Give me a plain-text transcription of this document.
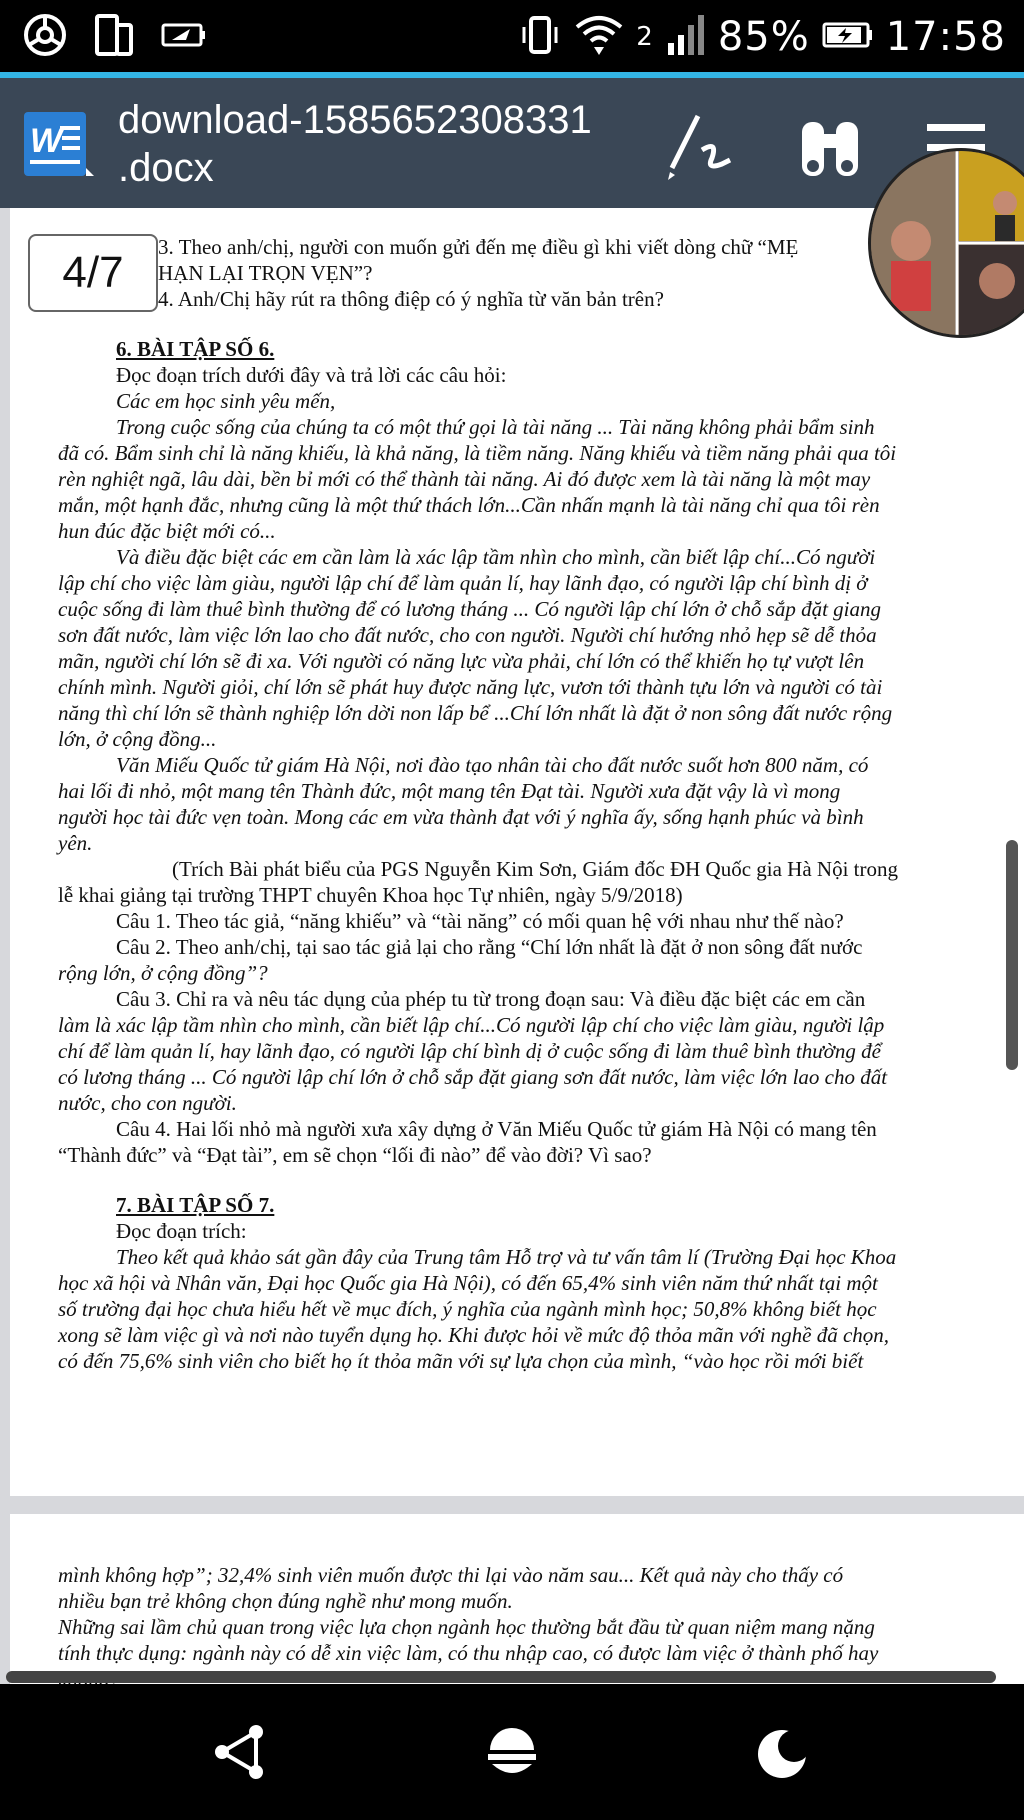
2 85% 17:58
W download-1585652308331
.docx
3. Theo anh/chị, người con muốn gửi đến mẹ điều gì khi viết dòng chữ “MẸ
HẠN LẠI TRỌN VẸN”?
4. Anh/Chị hãy rút ra thông điệp có ý nghĩa từ văn bản trên?
6. BÀI TẬP SỐ 6.
Đọc đoạn trích dưới đây và trả lời các câu hỏi:
Các em học sinh yêu mến,
Trong cuộc sống của chúng ta có một thứ gọi là tài năng ... Tài năng không phải bẩm sinh
đã có. Bẩm sinh chỉ là năng khiếu, là khả năng, là tiềm năng. Năng khiếu và tiềm năng phải qua tôi
rèn nghiệt ngã, lâu dài, bền bỉ mới có thể thành tài năng. Ai đó được xem là tài năng là một may
mắn, một hạnh đắc, nhưng cũng là một thứ thách lớn...Cần nhấn mạnh là tài năng chỉ qua tôi rèn
hun đúc đặc biệt mới có...
Và điều đặc biệt các em cần làm là xác lập tầm nhìn cho mình, cần biết lập chí...Có người
lập chí cho việc làm giàu, người lập chí để làm quản lí, hay lãnh đạo, có người lập chí bình dị ở
cuộc sống đi làm thuê bình thường để có lương tháng ... Có người lập chí lớn ở chỗ sắp đặt giang
sơn đất nước, làm việc lớn lao cho đất nước, cho con người. Người chí hướng nhỏ hẹp sẽ dễ thỏa
mãn, người chí lớn sẽ đi xa. Với người có năng lực vừa phải, chí lớn có thể khiến họ tự vượt lên
chính mình. Người giỏi, chí lớn sẽ phát huy được năng lực, vươn tới thành tựu lớn và người có tài
năng thì chí lớn sẽ thành nghiệp lớn dời non lấp bể ...Chí lớn nhất là đặt ở non sông đất nước rộng
lớn, ở cộng đồng...
Văn Miếu Quốc tử giám Hà Nội, nơi đào tạo nhân tài cho đất nước suốt hơn 800 năm, có
hai lối đi nhỏ, một mang tên Thành đức, một mang tên Đạt tài. Người xưa đặt vậy là vì mong
người học tài đức vẹn toàn. Mong các em vừa thành đạt với ý nghĩa ấy, sống hạnh phúc và bình
yên.
(Trích Bài phát biểu của PGS Nguyễn Kim Sơn, Giám đốc ĐH Quốc gia Hà Nội trong
lễ khai giảng tại trường THPT chuyên Khoa học Tự nhiên, ngày 5/9/2018)
Câu 1. Theo tác giả, “năng khiếu” và “tài năng” có mối quan hệ với nhau như thế nào?
Câu 2. Theo anh/chị, tại sao tác giả lại cho rằng “Chí lớn nhất là đặt ở non sông đất nước
rộng lớn, ở cộng đồng”?
Câu 3. Chỉ ra và nêu tác dụng của phép tu từ trong đoạn sau: Và điều đặc biệt các em cần
làm là xác lập tầm nhìn cho mình, cần biết lập chí...Có người lập chí cho việc làm giàu, người lập
chí để làm quản lí, hay lãnh đạo, có người lập chí bình dị ở cuộc sống đi làm thuê bình thường để
có lương tháng ... Có người lập chí lớn ở chỗ sắp đặt giang sơn đất nước, làm việc lớn lao cho đất
nước, cho con người.
Câu 4. Hai lối nhỏ mà người xưa xây dựng ở Văn Miếu Quốc tử giám Hà Nội có mang tên
“Thành đức” và “Đạt tài”, em sẽ chọn “lối đi nào” để vào đời? Vì sao?
7. BÀI TẬP SỐ 7.
Đọc đoạn trích:
Theo kết quả khảo sát gần đây của Trung tâm Hỗ trợ và tư vấn tâm lí (Trường Đại học Khoa
học xã hội và Nhân văn, Đại học Quốc gia Hà Nội), có đến 65,4% sinh viên năm thứ nhất tại một
số trường đại học chưa hiểu hết về mục đích, ý nghĩa của ngành mình học; 50,8% không biết học
xong sẽ làm việc gì và nơi nào tuyển dụng họ. Khi được hỏi về mức độ thỏa mãn với nghề đã chọn,
có đến 75,6% sinh viên cho biết họ ít thỏa mãn với sự lựa chọn của mình, “vào học rồi mới biết
mình không hợp”; 32,4% sinh viên muốn được thi lại vào năm sau... Kết quả này cho thấy có
nhiều bạn trẻ không chọn đúng nghề như mong muốn.
Những sai lầm chủ quan trong việc lựa chọn ngành học thường bắt đầu từ quan niệm mang nặng
tính thực dụng: ngành này có dễ xin việc làm, có thu nhập cao, có được làm việc ở thành phố hay
4/7
